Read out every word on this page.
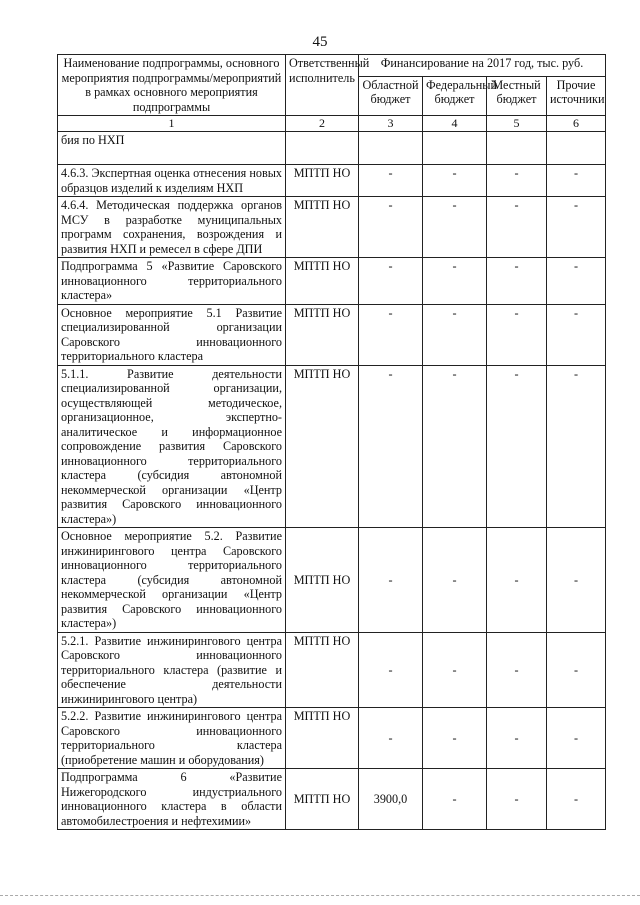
45
Наименование подпрограммы, основного мероприятия подпрограммы/мероприятий в рамках основного мероприятия подпрограммы	Ответственный исполнитель	Финансирование на 2017 год, тыс. руб.			
		Областной бюджет	Федеральный бюджет	Местный бюджет	Прочие источники
1	2	3	4	5	6
бия по НХП					
4.6.3. Экспертная оценка отнесения новых образцов изделий к изделиям НХП	МПТП НО	-	-	-	-
4.6.4. Методическая поддержка органов МСУ в разработке муниципальных программ сохранения, возрождения и развития НХП и ремесел в сфере ДПИ	МПТП НО	-	-	-	-
Подпрограмма 5 «Развитие Саровского инновационного территориального кластера»	МПТП НО	-	-	-	-
Основное мероприятие 5.1 Развитие специализированной организации Саровского инновационного территориального кластера	МПТП НО	-	-	-	-
5.1.1. Развитие деятельности специализированной организации, осуществляющей методическое, организационное, экспертно-аналитическое и информационное сопровождение развития Саровского инновационного территориального кластера (субсидия автономной некоммерческой организации «Центр развития Саровского инновационного кластера»)	МПТП НО	-	-	-	-
Основное мероприятие 5.2. Развитие инжинирингового центра Саровского инновационного территориального кластера (субсидия автономной некоммерческой организации «Центр развития Саровского инновационного кластера»)	МПТП НО	-	-	-	-
5.2.1. Развитие инжинирингового центра Саровского инновационного территориального кластера (развитие и обеспечение деятельности инжинирингового центра)	МПТП НО	-	-	-	-
5.2.2. Развитие инжинирингового центра Саровского инновационного территориального кластера (приобретение машин и оборудования)	МПТП НО	-	-	-	-
Подпрограмма 6 «Развитие Нижегородского индустриального инновационного кластера в области автомобилестроения и нефтехимии»	МПТП НО	3900,0	-	-	-
